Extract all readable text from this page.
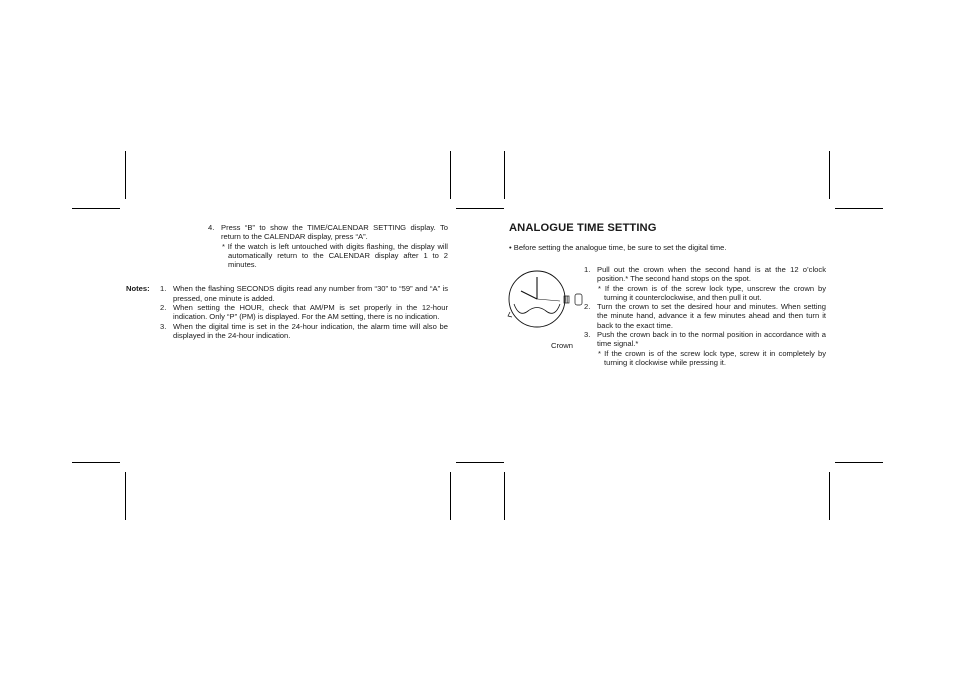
4. Press “B” to show the TIME/CALENDAR SETTING display. To return to the CALENDAR display, press “A”.
* If the watch is left untouched with digits flashing, the display will automatically return to the CALENDAR display after 1 to 2 minutes.
Notes:	1. When the flashing SECONDS digits read any number from “30” to “59” and “A” is pressed, one minute is added.
2. When setting the HOUR, check that AM/PM is set properly in the 12-hour indication. Only “P” (PM) is displayed. For the AM setting, there is no indication.
3. When the digital time is set in the 24-hour indication, the alarm time will also be displayed in the 24-hour indication.
ANALOGUE TIME SETTING
• Before setting the analogue time, be sure to set the digital time.
Crown
1. Pull out the crown when the second hand is at the 12 o’clock position.* The second hand stops on the spot.
* If the crown is of the screw lock type, unscrew the crown by turning it counterclockwise, and then pull it out.
2. Turn the crown to set the desired hour and minutes. When setting the minute hand, advance it a few minutes ahead and then turn it back to the exact time.
3. Push the crown back in to the normal position in accordance with a time signal.*
* If the crown is of the screw lock type, screw it in completely by turning it clockwise while pressing it.
